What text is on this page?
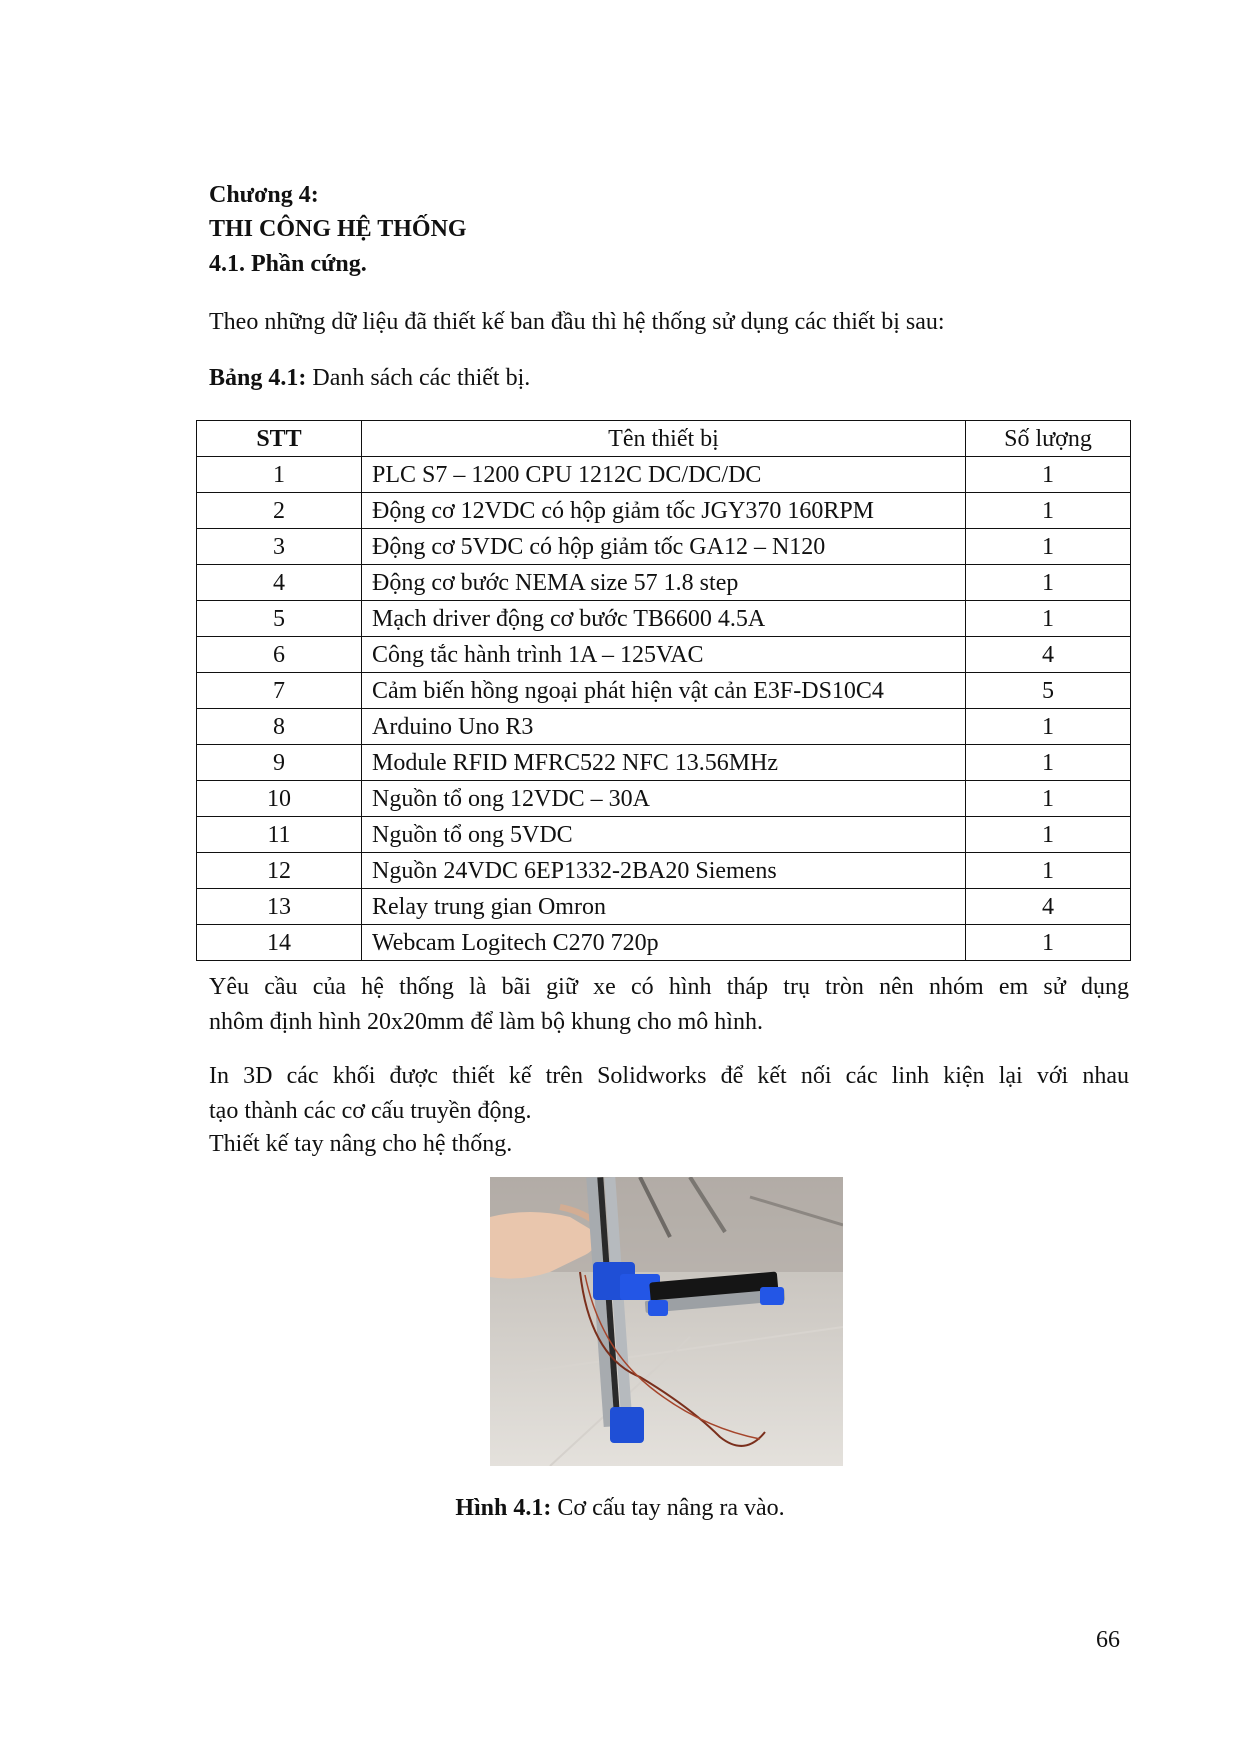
Chương 4:
THI CÔNG HỆ THỐNG
4.1. Phần cứng.
Theo những dữ liệu đã thiết kế ban đầu thì hệ thống sử dụng các thiết bị sau:
Bảng 4.1: Danh sách các thiết bị.
STT	Tên thiết bị	Số lượng
1	PLC S7 – 1200 CPU 1212C DC/DC/DC	1
2	Động cơ 12VDC có hộp giảm tốc JGY370 160RPM	1
3	Động cơ 5VDC có hộp giảm tốc GA12 – N120	1
4	Động cơ bước NEMA size 57 1.8 step	1
5	Mạch driver động cơ bước TB6600 4.5A	1
6	Công tắc hành trình 1A – 125VAC	4
7	Cảm biến hồng ngoại phát hiện vật cản E3F-DS10C4	5
8	Arduino Uno R3	1
9	Module RFID MFRC522 NFC 13.56MHz	1
10	Nguồn tổ ong 12VDC – 30A	1
11	Nguồn tổ ong 5VDC	1
12	Nguồn 24VDC 6EP1332-2BA20 Siemens	1
13	Relay trung gian Omron	4
14	Webcam Logitech C270 720p	1
Yêu cầu của hệ thống là bãi giữ xe có hình tháp trụ tròn nên nhóm em sử dụng
nhôm định hình 20x20mm để làm bộ khung cho mô hình.
In 3D các khối được thiết kế trên Solidworks để kết nối các linh kiện lại với nhau
tạo thành các cơ cấu truyền động.
Thiết kế tay nâng cho hệ thống.
Hình 4.1: Cơ cấu tay nâng ra vào.
66
